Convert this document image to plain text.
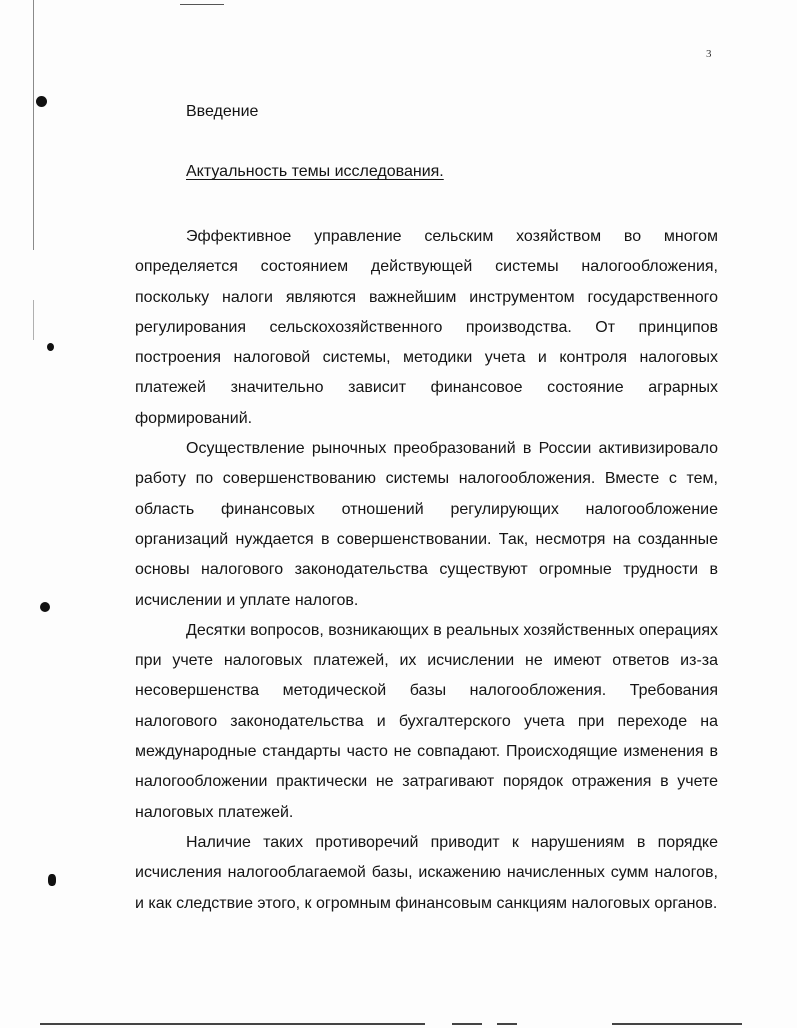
3
Введение
Актуальность темы исследования.

Эффективное управление сельским хозяйством во многом определяется состоянием действующей системы налогообложения, поскольку налоги являются важнейшим инструментом государственного регулирования сельскохозяйственного производства. От принципов построения налоговой системы, методики учета и контроля налоговых платежей значительно зависит финансовое состояние аграрных формирований.

Осуществление рыночных преобразований в России активизировало работу по совершенствованию системы налогообложения. Вместе с тем, область финансовых отношений регулирующих налогообложение организаций нуждается в совершенствовании. Так, несмотря на созданные основы налогового законодательства существуют огромные трудности в исчислении и уплате налогов.

Десятки вопросов, возникающих в реальных хозяйственных операциях при учете налоговых платежей, их исчислении не имеют ответов из-за несовершенства методической базы налогообложения. Требования налогового законодательства и бухгалтерского учета при переходе на международные стандарты часто не совпадают. Происходящие изменения в налогообложении практически не затрагивают порядок отражения в учете налоговых платежей.

Наличие таких противоречий приводит к нарушениям в порядке исчисления налогооблагаемой базы, искажению начисленных сумм налогов, и как следствие этого, к огромным финансовым санкциям налоговых органов.
